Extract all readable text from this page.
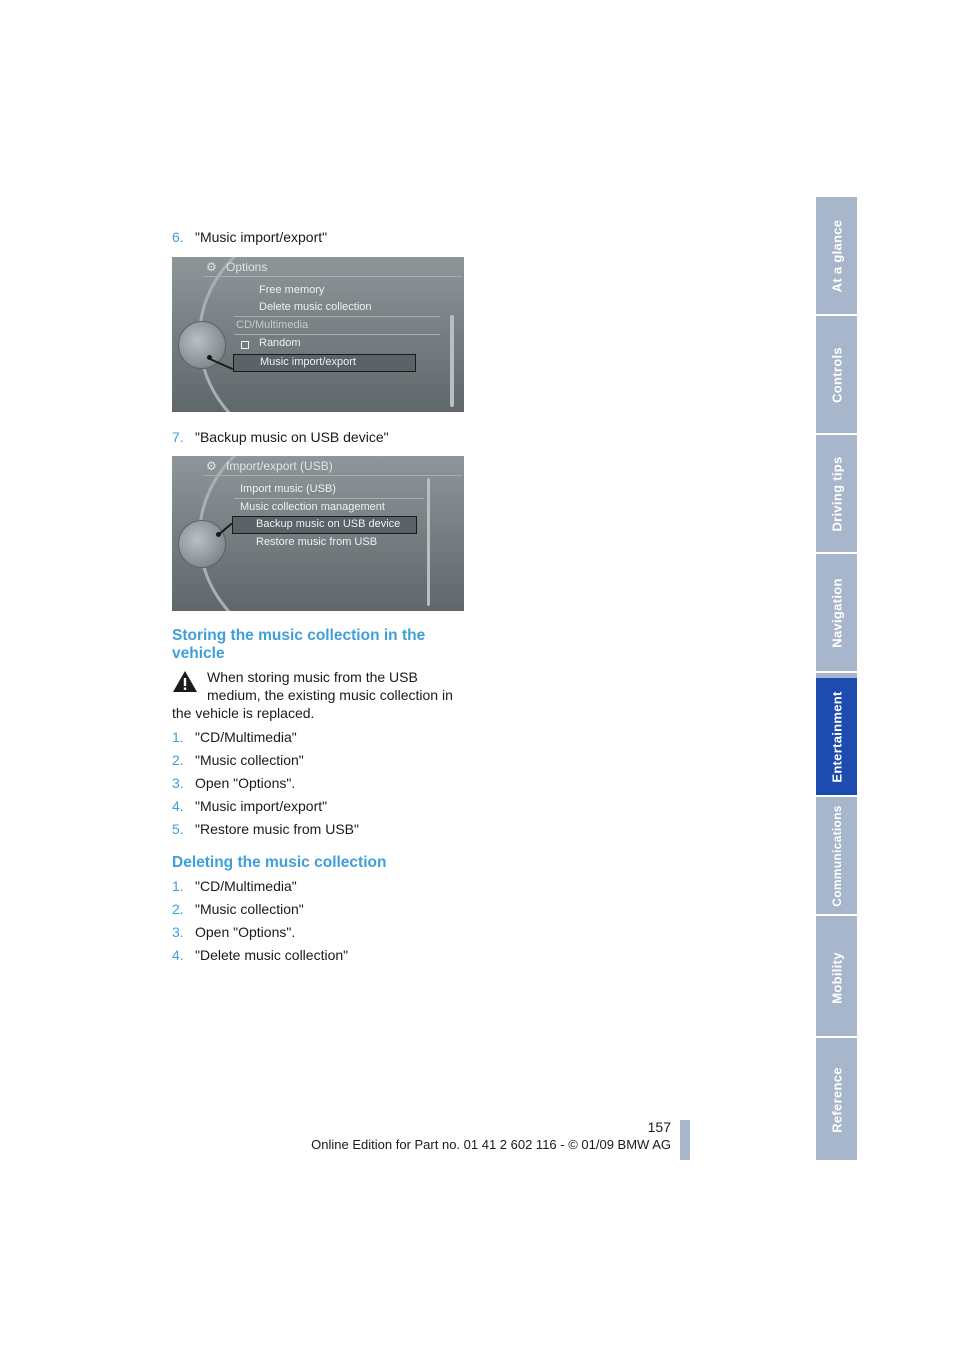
6. "Music import/export"
⚙ Options
Free memory
Delete music collection
CD/Multimedia
Random
Music import/export
7. "Backup music on USB device"
⚙ Import/export (USB)
Import music (USB)
Music collection management
Backup music on USB device
Restore music from USB
Storing the music collection in the vehicle
When storing music from the USB
medium, the existing music collection in
the vehicle is replaced.
1. "CD/Multimedia"
2. "Music collection"
3. Open "Options".
4. "Music import/export"
5. "Restore music from USB"
Deleting the music collection
1. "CD/Multimedia"
2. "Music collection"
3. Open "Options".
4. "Delete music collection"
At a glance
Controls
Driving tips
Navigation
Entertainment
Communications
Mobility
Reference
157
Online Edition for Part no. 01 41 2 602 116 - © 01/09 BMW AG
